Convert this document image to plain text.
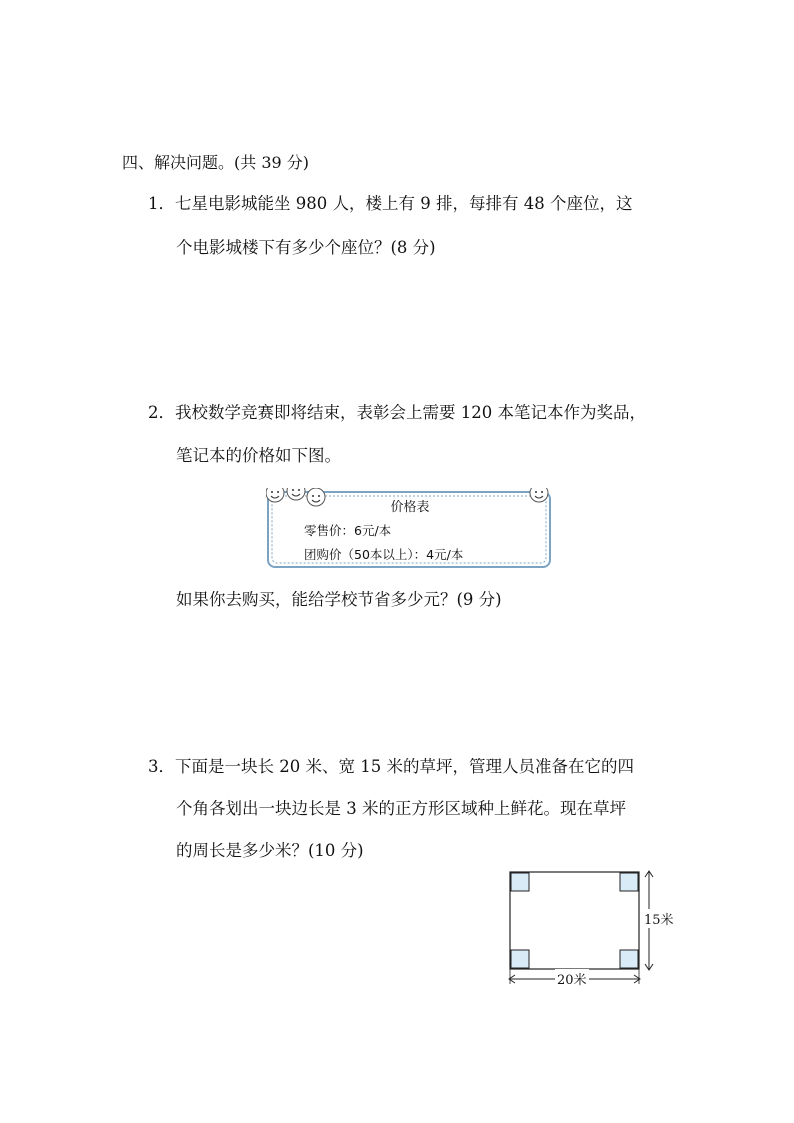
四、解决问题。(共 39 分)
1．七星电影城能坐 980 人，楼上有 9 排，每排有 48 个座位，这
个电影城楼下有多少个座位？(8 分)
2．我校数学竞赛即将结束，表彰会上需要 120 本笔记本作为奖品，
笔记本的价格如下图。
价格表
零售价：6元/本
团购价（50本以上）：4元/本
如果你去购买，能给学校节省多少元？(9 分)
3．下面是一块长 20 米、宽 15 米的草坪，管理人员准备在它的四
个角各划出一块边长是 3 米的正方形区域种上鲜花。现在草坪
的周长是多少米？(10 分)
15米
20米
